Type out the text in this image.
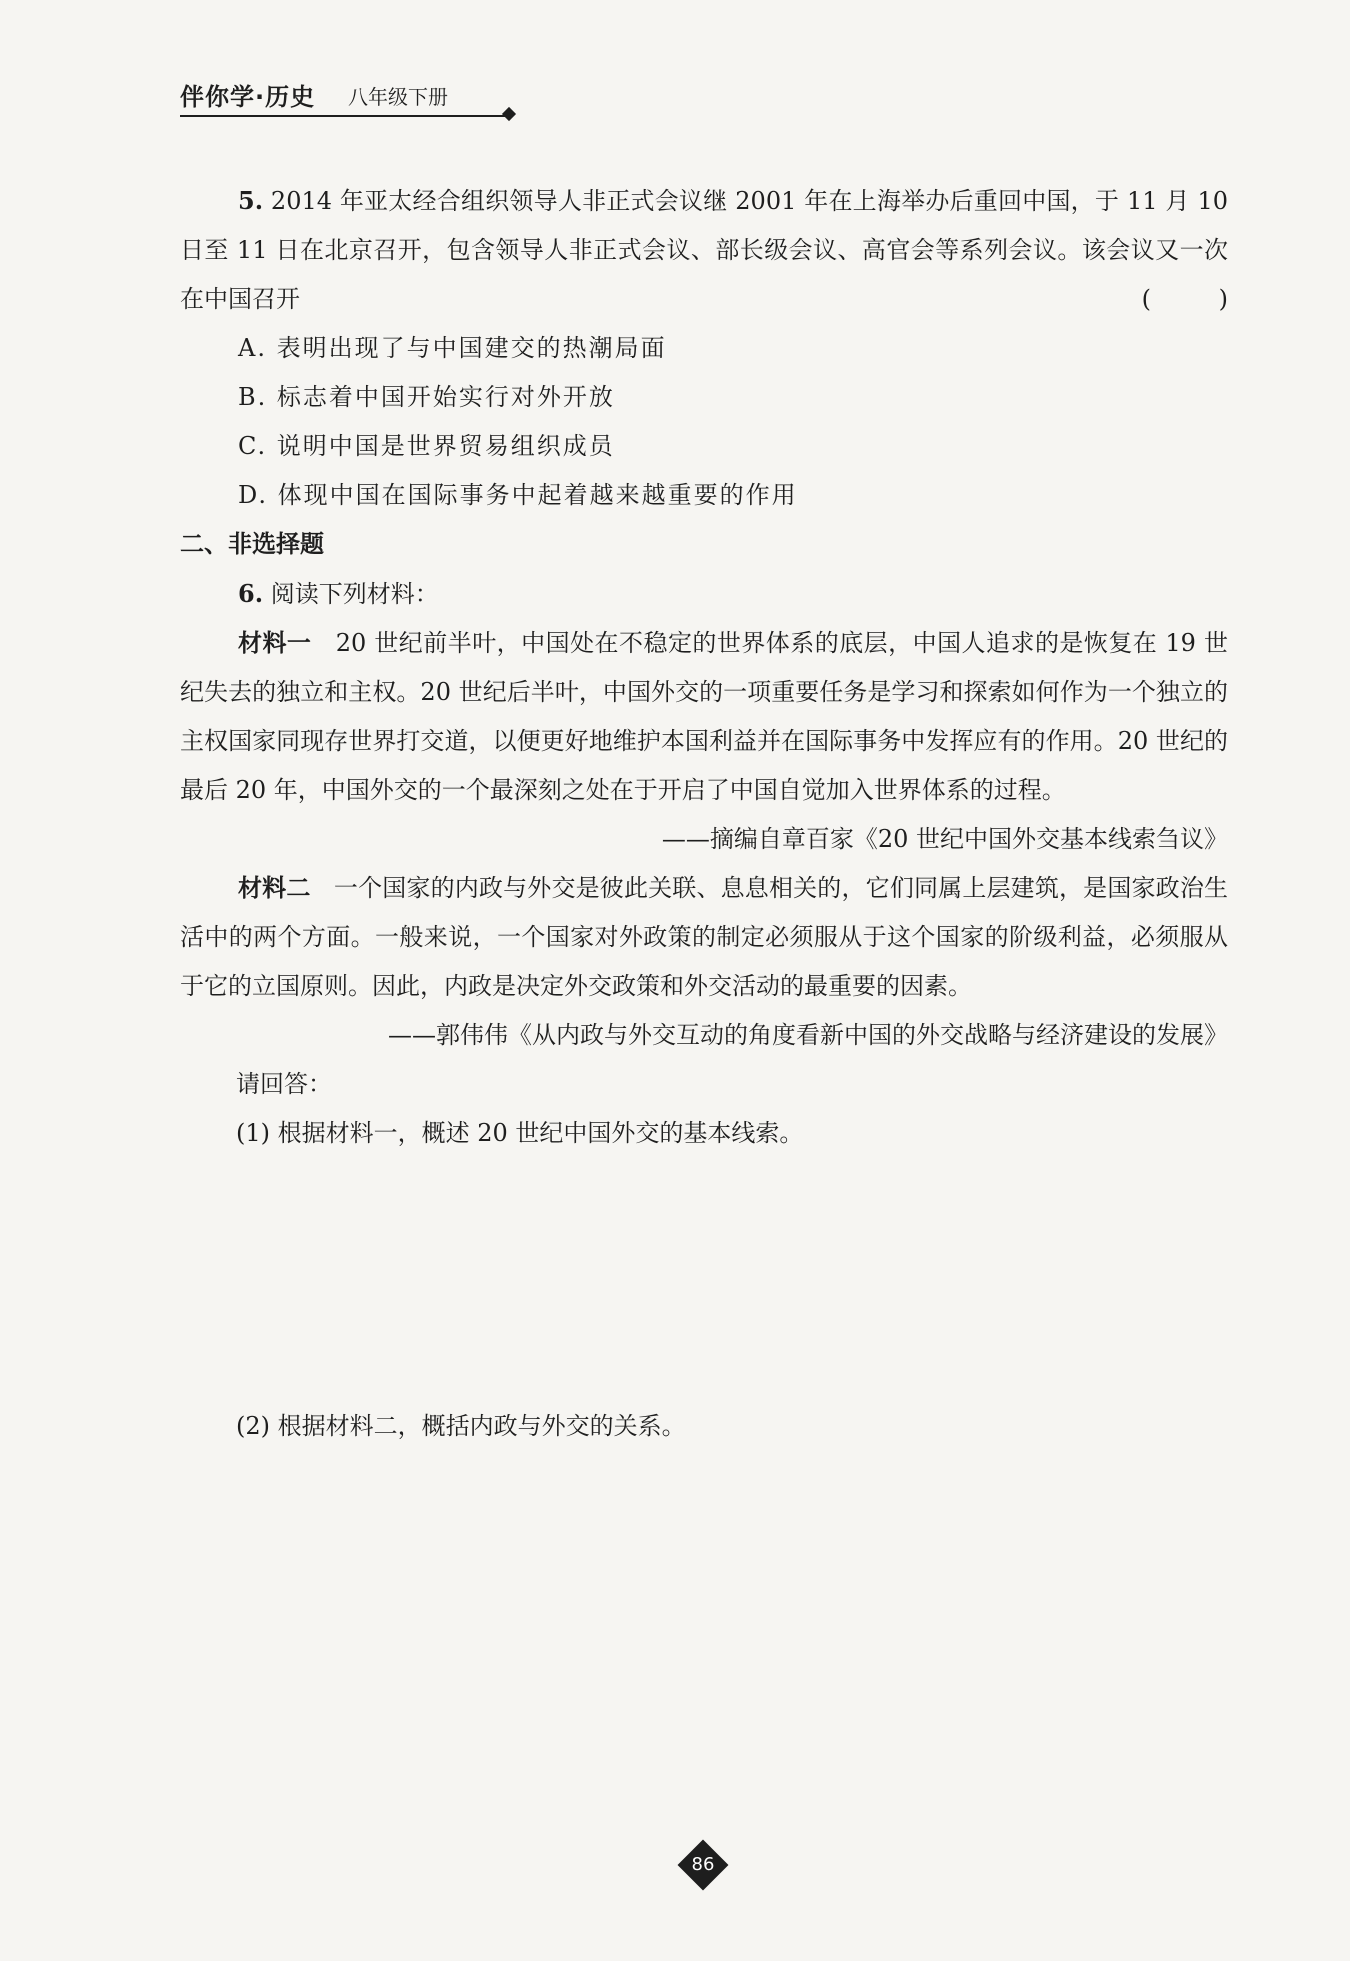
伴你学·历史 八年级下册

5. 2014 年亚太经合组织领导人非正式会议继 2001 年在上海举办后重回中国，于 11 月 10 日至 11 日在北京召开，包含领导人非正式会议、部长级会议、高官会等系列会议。该会议又一次在中国召开	( )

A. 表明出现了与中国建交的热潮局面

B. 标志着中国开始实行对外开放

C. 说明中国是世界贸易组织成员

D. 体现中国在国际事务中起着越来越重要的作用

二、非选择题

6. 阅读下列材料：

材料一 20 世纪前半叶，中国处在不稳定的世界体系的底层，中国人追求的是恢复在 19 世纪失去的独立和主权。20 世纪后半叶，中国外交的一项重要任务是学习和探索如何作为一个独立的主权国家同现存世界打交道，以便更好地维护本国利益并在国际事务中发挥应有的作用。20 世纪的最后 20 年，中国外交的一个最深刻之处在于开启了中国自觉加入世界体系的过程。

——摘编自章百家《20 世纪中国外交基本线索刍议》

材料二 一个国家的内政与外交是彼此关联、息息相关的，它们同属上层建筑，是国家政治生活中的两个方面。一般来说，一个国家对外政策的制定必须服从于这个国家的阶级利益，必须服从于它的立国原则。因此，内政是决定外交政策和外交活动的最重要的因素。

——郭伟伟《从内政与外交互动的角度看新中国的外交战略与经济建设的发展》

请回答：

(1) 根据材料一，概述 20 世纪中国外交的基本线索。

(2) 根据材料二，概括内政与外交的关系。

86
